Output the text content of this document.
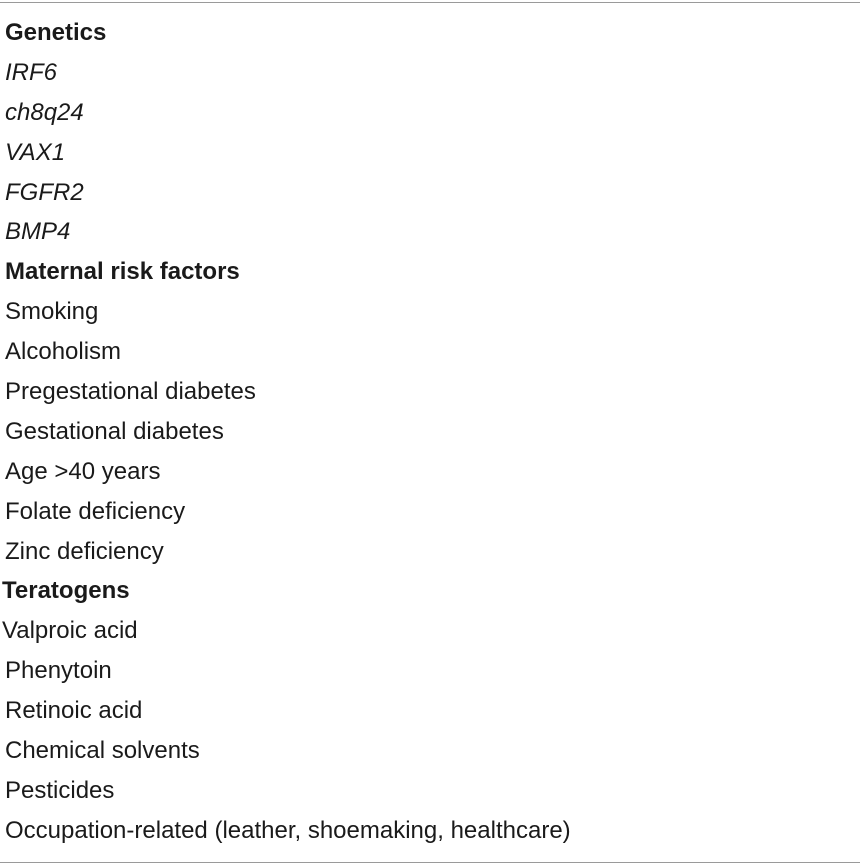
Genetics
IRF6
ch8q24
VAX1
FGFR2
BMP4
Maternal risk factors
Smoking
Alcoholism
Pregestational diabetes
Gestational diabetes
Age >40 years
Folate deficiency
Zinc deficiency
Teratogens
Valproic acid
Phenytoin
Retinoic acid
Chemical solvents
Pesticides
Occupation-related (leather, shoemaking, healthcare)
